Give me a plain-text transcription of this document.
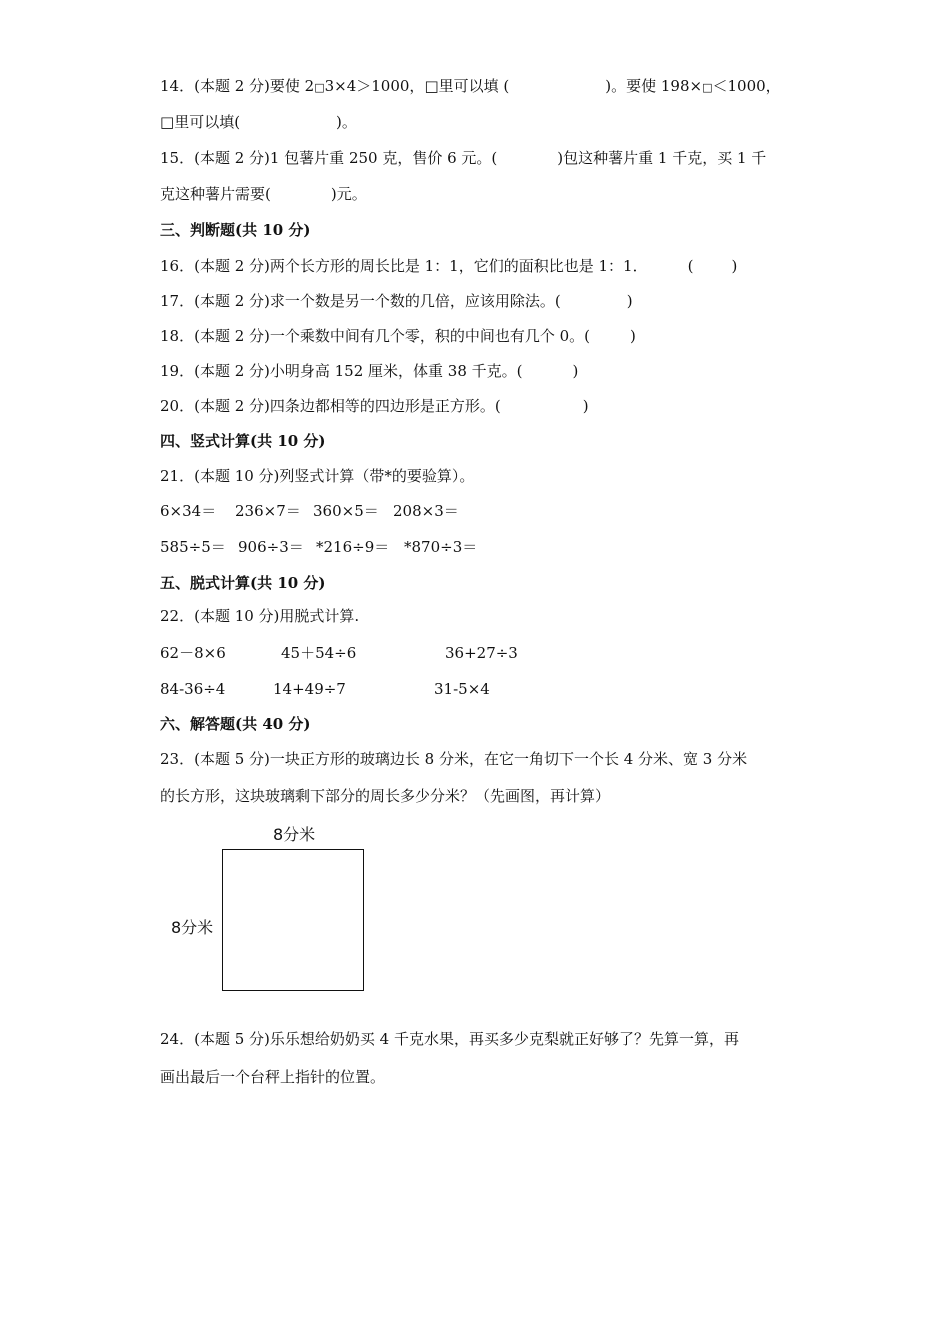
14．(本题 2 分)要使 2□3×4＞1000，□里可以填 (	)。要使 198×□＜1000，
□里可以填(	)。
15．(本题 2 分)1 包薯片重 250 克，售价 6 元。(	)包这种薯片重 1 千克，买 1 千
克这种薯片需要(	)元。
三、判断题(共 10 分)
16．(本题 2 分)两个长方形的周长比是 1：1，它们的面积比也是 1：1．	(	)
17．(本题 2 分)求一个数是另一个数的几倍，应该用除法。(	)
18．(本题 2 分)一个乘数中间有几个零，积的中间也有几个 0。(	)
19．(本题 2 分)小明身高 152 厘米，体重 38 千克。(	)
20．(本题 2 分)四条边都相等的四边形是正方形。(	)
四、竖式计算(共 10 分)
21．(本题 10 分)列竖式计算（带*的要验算）。
6×34＝ 236×7＝ 360×5＝ 208×3＝
585÷5＝ 906÷3＝ *216÷9＝ *870÷3＝
五、脱式计算(共 10 分)
22．(本题 10 分)用脱式计算.
62－8×6	45＋54÷6	36+27÷3
84-36÷4	14+49÷7	31-5×4
六、解答题(共 40 分)
23．(本题 5 分)一块正方形的玻璃边长 8 分米，在它一角切下一个长 4 分米、宽 3 分米
的长方形，这块玻璃剩下部分的周长多少分米？（先画图，再计算）
8分米
8分米
24．(本题 5 分)乐乐想给奶奶买 4 千克水果，再买多少克梨就正好够了？先算一算，再
画出最后一个台秤上指针的位置。
